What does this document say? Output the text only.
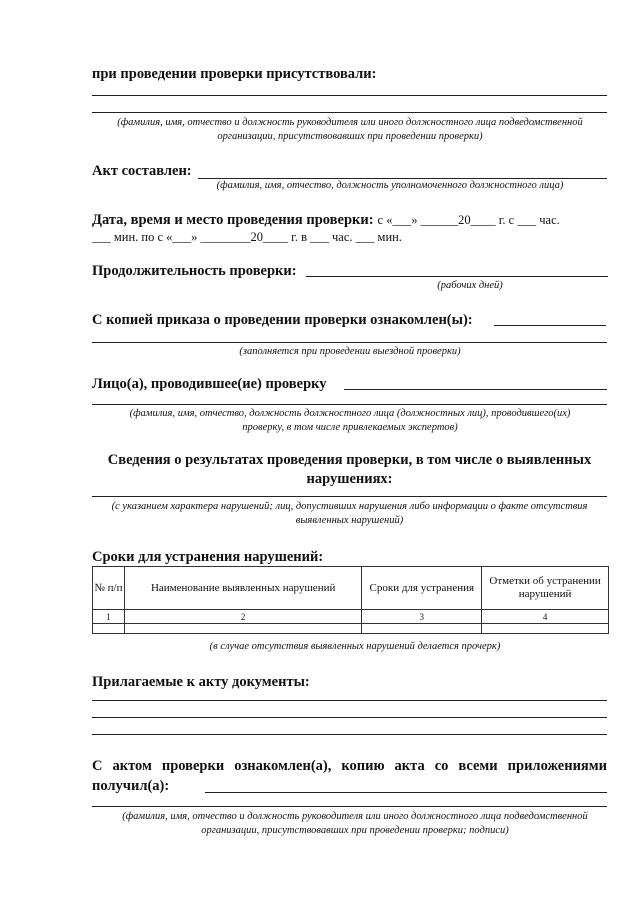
при проведении проверки присутствовали:
(фамилия, имя, отчество и должность руководителя или иного должностного лица подведомственной организации, присутствовавших при проведении проверки)
Акт составлен:
(фамилия, имя, отчество, должность уполномоченного должностного лица)
Дата, время и место проведения проверки: с «___» ______20____ г. с ___ час.
___ мин. по с «___» ________20____ г. в ___ час. ___ мин.
Продолжительность проверки:
(рабочих дней)
С копией приказа о проведении проверки ознакомлен(ы):
(заполняется при проведении выездной проверки)
Лицо(а), проводившее(ие) проверку
(фамилия, имя, отчество, должность должностного лица (должностных лиц), проводившего(их) проверку, в том числе привлекаемых экспертов)
Сведения о результатах проведения проверки, в том числе о выявленных нарушениях:
(с указанием характера нарушений; лиц, допустивших нарушения либо информации о факте отсутствия выявленных нарушений)
Сроки для устранения нарушений:
№ п/п	Наименование выявленных нарушений	Сроки для устранения	Отметки об устранении нарушений
1	2	3	4

(в случае отсутствия выявленных нарушений делается прочерк)
Прилагаемые к акту документы:
С актом проверки ознакомлен(а), копию акта со всеми приложениями получил(а):
(фамилия, имя, отчество и должность руководителя или иного должностного лица подведомственной организации, присутствовавших при проведении проверки; подписи)
